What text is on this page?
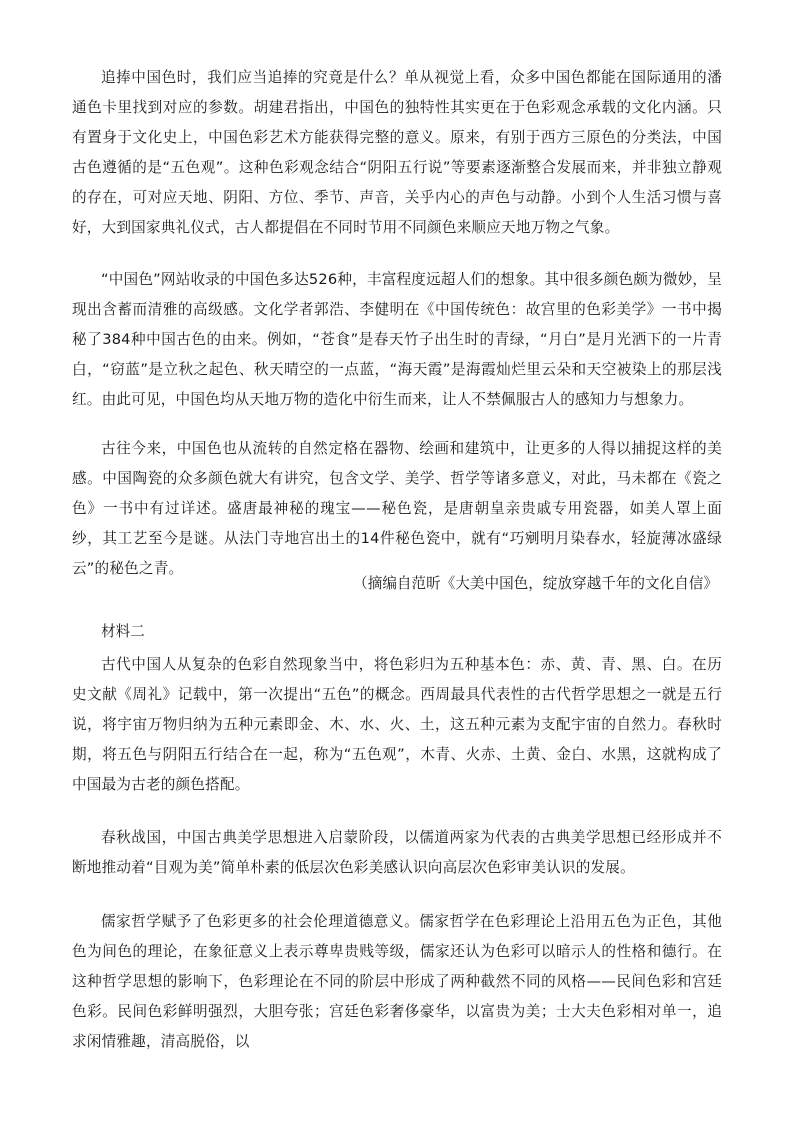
追捧中国色时，我们应当追捧的究竟是什么？单从视觉上看，众多中国色都能在国际通用的潘通色卡里找到对应的参数。胡建君指出，中国色的独特性其实更在于色彩观念承载的文化内涵。只有置身于文化史上，中国色彩艺术方能获得完整的意义。原来，有别于西方三原色的分类法，中国古色遵循的是“五色观”。这种色彩观念结合“阴阳五行说”等要素逐渐整合发展而来，并非独立静观的存在，可对应天地、阴阳、方位、季节、声音，关乎内心的声色与动静。小到个人生活习惯与喜好，大到国家典礼仪式，古人都提倡在不同时节用不同颜色来顺应天地万物之气象。

“中国色”网站收录的中国色多达526种，丰富程度远超人们的想象。其中很多颜色颇为微妙，呈现出含蓄而清雅的高级感。文化学者郭浩、李健明在《中国传统色：故宫里的色彩美学》一书中揭秘了384种中国古色的由来。例如，“苍食”是春天竹子出生时的青绿，“月白”是月光洒下的一片青白，“窃蓝”是立秋之起色、秋天晴空的一点蓝，“海天霞”是海霞灿烂里云朵和天空被染上的那层浅红。由此可见，中国色均从天地万物的造化中衍生而来，让人不禁佩服古人的感知力与想象力。

古往今来，中国色也从流转的自然定格在器物、绘画和建筑中，让更多的人得以捕捉这样的美感。中国陶瓷的众多颜色就大有讲究，包含文学、美学、哲学等诸多意义，对此，马未都在《瓷之色》一书中有过详述。盛唐最神秘的瑰宝——秘色瓷，是唐朝皇亲贵戚专用瓷器，如美人罩上面纱，其工艺至今是谜。从法门寺地宫出土的14件秘色瓷中，就有“巧剜明月染春水，轻旋薄冰盛绿云”的秘色之青。

（摘编自范昕《大美中国色，绽放穿越千年的文化自信》

材料二

古代中国人从复杂的色彩自然现象当中，将色彩归为五种基本色：赤、黄、青、黑、白。在历史文献《周礼》记载中，第一次提出“五色”的概念。西周最具代表性的古代哲学思想之一就是五行说，将宇宙万物归纳为五种元素即金、木、水、火、土，这五种元素为支配宇宙的自然力。春秋时期，将五色与阴阳五行结合在一起，称为“五色观”，木青、火赤、土黄、金白、水黑，这就构成了中国最为古老的颜色搭配。

春秋战国，中国古典美学思想进入启蒙阶段，以儒道两家为代表的古典美学思想已经形成并不断地推动着“目观为美”简单朴素的低层次色彩美感认识向高层次色彩审美认识的发展。

儒家哲学赋予了色彩更多的社会伦理道德意义。儒家哲学在色彩理论上沿用五色为正色，其他色为间色的理论，在象征意义上表示尊卑贵贱等级，儒家还认为色彩可以暗示人的性格和德行。在这种哲学思想的影响下，色彩理论在不同的阶层中形成了两种截然不同的风格——民间色彩和宫廷色彩。民间色彩鲜明强烈，大胆夸张；宫廷色彩奢侈豪华，以富贵为美；士大夫色彩相对单一，追求闲情雅趣，清高脱俗，以
